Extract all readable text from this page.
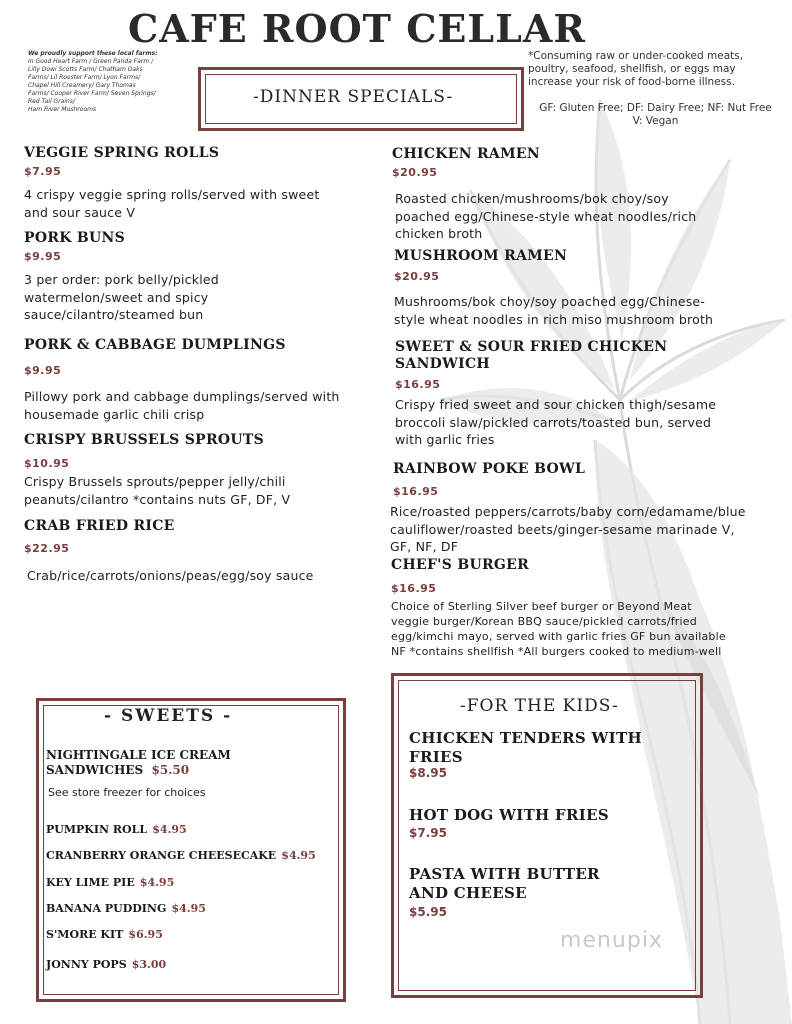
CAFE ROOT CELLAR
We proudly support these local farms:
In Good Heart Farm / Green Panda Farm /
Lilly Dowi Scotts Farm/ Chatham Oaks
Farms/ Lil Rooster Farm/ Lyon Farms/
Chapel Hill Creamery/ Gary Thomas
Farms/ Cooper River Farm/ Seven Springs/
Red Tail Grains/
Ham River Mushrooms
*Consuming raw or under-cooked meats, poultry, seafood, shellfish, or eggs may increase your risk of food-borne illness.
GF: Gluten Free; DF: Dairy Free; NF: Nut Free
V: Vegan
-DINNER SPECIALS-
VEGGIE SPRING ROLLS
$7.95
4 crispy veggie spring rolls/served with sweet
and sour sauce V
PORK BUNS
$9.95
3 per order: pork belly/pickled
watermelon/sweet and spicy
sauce/cilantro/steamed bun
PORK & CABBAGE DUMPLINGS
$9.95
Pillowy pork and cabbage dumplings/served with
housemade garlic chili crisp
CRISPY BRUSSELS SPROUTS
$10.95
Crispy Brussels sprouts/pepper jelly/chili
peanuts/cilantro *contains nuts GF, DF, V
CRAB FRIED RICE
$22.95
Crab/rice/carrots/onions/peas/egg/soy sauce
CHICKEN RAMEN
$20.95
Roasted chicken/mushrooms/bok choy/soy
poached egg/Chinese-style wheat noodles/rich
chicken broth
MUSHROOM RAMEN
$20.95
Mushrooms/bok choy/soy poached egg/Chinese-
style wheat noodles in rich miso mushroom broth
SWEET & SOUR FRIED CHICKEN
SANDWICH
$16.95
Crispy fried sweet and sour chicken thigh/sesame
broccoli slaw/pickled carrots/toasted bun, served
with garlic fries
RAINBOW POKE BOWL
$16.95
Rice/roasted peppers/carrots/baby corn/edamame/blue
cauliflower/roasted beets/ginger-sesame marinade V,
GF, NF, DF
CHEF'S BURGER
$16.95
Choice of Sterling Silver beef burger or Beyond Meat
veggie burger/Korean BBQ sauce/pickled carrots/fried
egg/kimchi mayo, served with garlic fries GF bun available
NF *contains shellfish *All burgers cooked to medium-well
- SWEETS -
NIGHTINGALE ICE CREAM
SANDWICHES $5.50
See store freezer for choices
PUMPKIN ROLL $4.95
CRANBERRY ORANGE CHEESECAKE $4.95
KEY LIME PIE $4.95
BANANA PUDDING $4.95
S'MORE KIT $6.95
JONNY POPS $3.00
-FOR THE KIDS-
CHICKEN TENDERS WITH
FRIES
$8.95
HOT DOG WITH FRIES
$7.95
PASTA WITH BUTTER
AND CHEESE
$5.95
menupix
